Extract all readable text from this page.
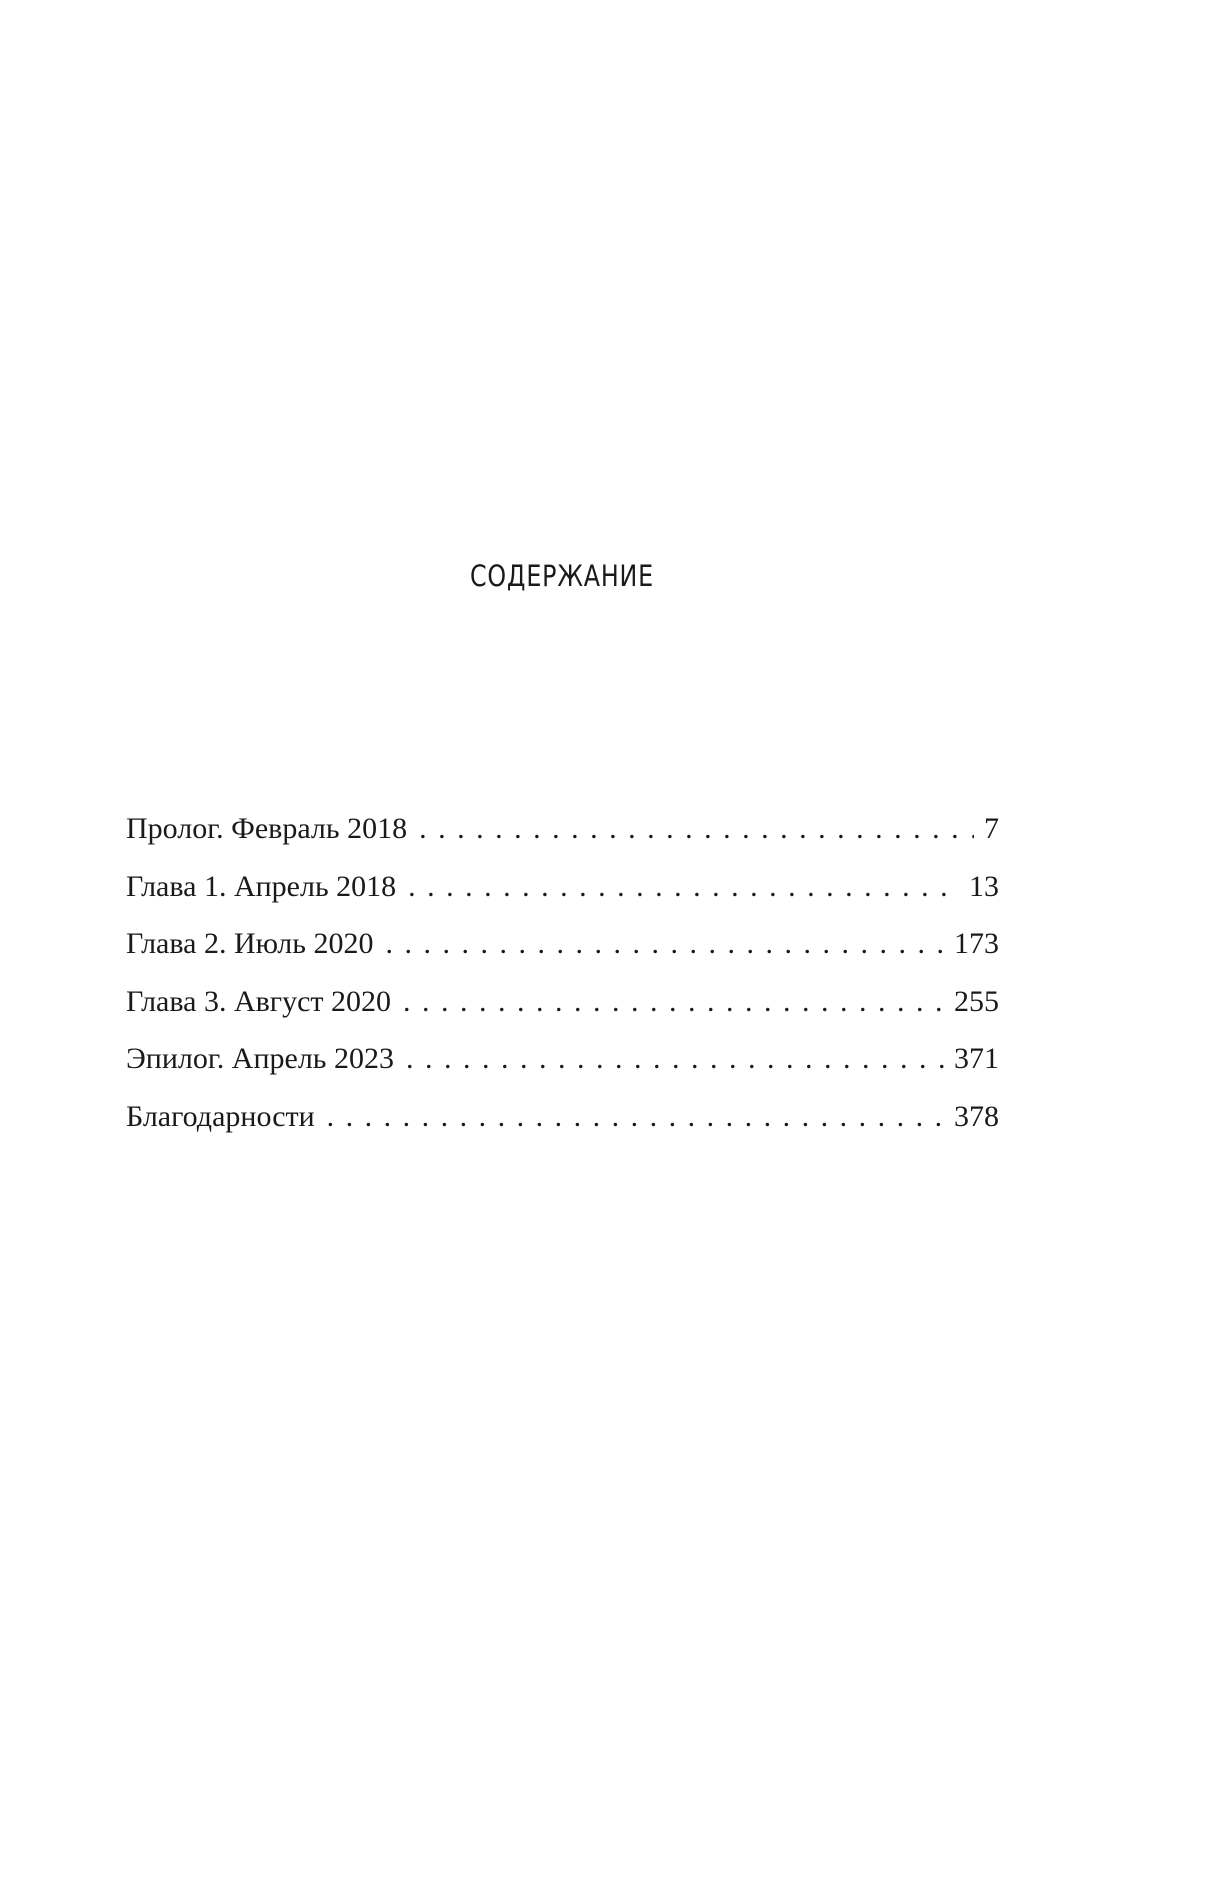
СОДЕРЖАНИЕ
Пролог. Февраль 2018 . . .	7
Глава 1. Апрель 2018 . . .	13
Глава 2. Июль 2020 . . .	173
Глава 3. Август 2020 . . .	255
Эпилог. Апрель 2023 . . .	371
Благодарности . . .	378
